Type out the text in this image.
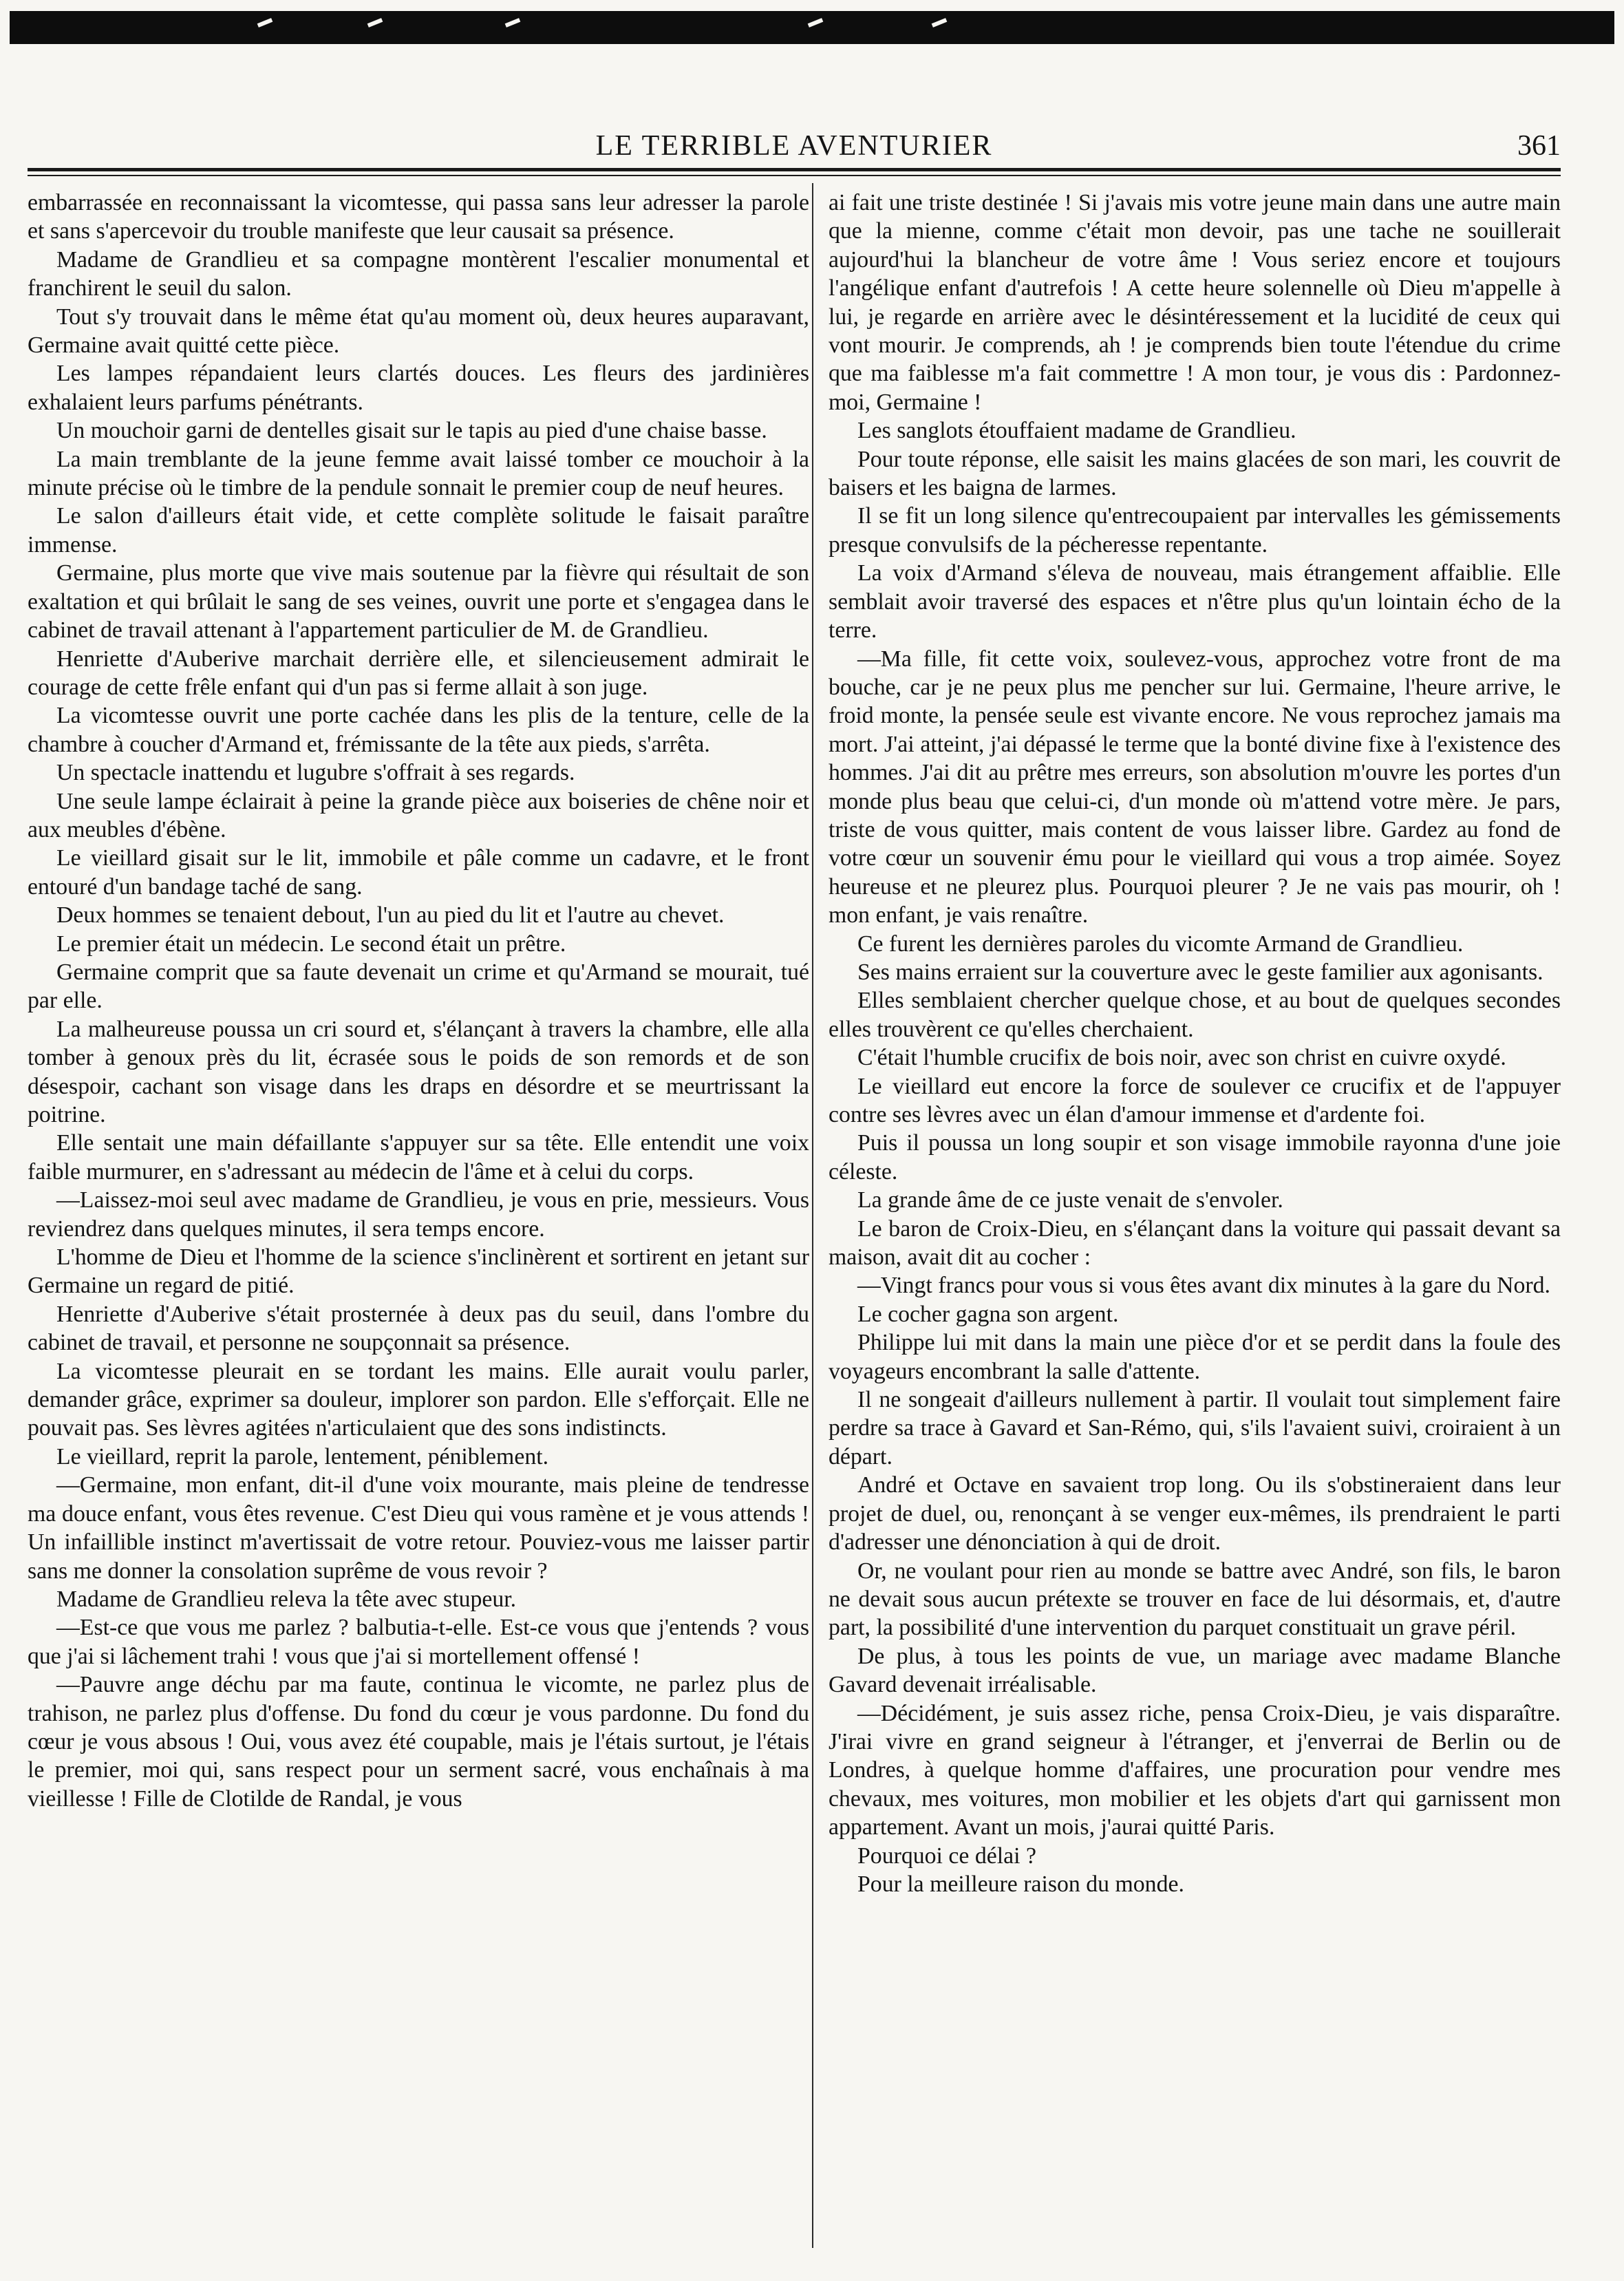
LE TERRIBLE AVENTURIER	361

embarrassée en reconnaissant la vicomtesse, qui passa sans leur adresser la parole et sans s'apercevoir du trouble manifeste que leur causait sa présence.

Madame de Grandlieu et sa compagne montèrent l'escalier monumental et franchirent le seuil du salon.

Tout s'y trouvait dans le même état qu'au moment où, deux heures auparavant, Germaine avait quitté cette pièce.

Les lampes répandaient leurs clartés douces. Les fleurs des jardinières exhalaient leurs parfums pénétrants.

Un mouchoir garni de dentelles gisait sur le tapis au pied d'une chaise basse.

La main tremblante de la jeune femme avait laissé tomber ce mouchoir à la minute précise où le timbre de la pendule sonnait le premier coup de neuf heures.

Le salon d'ailleurs était vide, et cette complète solitude le faisait paraître immense.

Germaine, plus morte que vive mais soutenue par la fièvre qui résultait de son exaltation et qui brûlait le sang de ses veines, ouvrit une porte et s'engagea dans le cabinet de travail attenant à l'appartement particulier de M. de Grandlieu.

Henriette d'Auberive marchait derrière elle, et silencieusement admirait le courage de cette frêle enfant qui d'un pas si ferme allait à son juge.

La vicomtesse ouvrit une porte cachée dans les plis de la tenture, celle de la chambre à coucher d'Armand et, frémissante de la tête aux pieds, s'arrêta.

Un spectacle inattendu et lugubre s'offrait à ses regards.

Une seule lampe éclairait à peine la grande pièce aux boiseries de chêne noir et aux meubles d'ébène.

Le vieillard gisait sur le lit, immobile et pâle comme un cadavre, et le front entouré d'un bandage taché de sang.

Deux hommes se tenaient debout, l'un au pied du lit et l'autre au chevet.

Le premier était un médecin. Le second était un prêtre.

Germaine comprit que sa faute devenait un crime et qu'Armand se mourait, tué par elle.

La malheureuse poussa un cri sourd et, s'élançant à travers la chambre, elle alla tomber à genoux près du lit, écrasée sous le poids de son remords et de son désespoir, cachant son visage dans les draps en désordre et se meurtrissant la poitrine.

Elle sentait une main défaillante s'appuyer sur sa tête. Elle entendit une voix faible murmurer, en s'adressant au médecin de l'âme et à celui du corps.

—Laissez-moi seul avec madame de Grandlieu, je vous en prie, messieurs. Vous reviendrez dans quelques minutes, il sera temps encore.

L'homme de Dieu et l'homme de la science s'inclinèrent et sortirent en jetant sur Germaine un regard de pitié.

Henriette d'Auberive s'était prosternée à deux pas du seuil, dans l'ombre du cabinet de travail, et personne ne soupçonnait sa présence.

La vicomtesse pleurait en se tordant les mains. Elle aurait voulu parler, demander grâce, exprimer sa douleur, implorer son pardon. Elle s'efforçait. Elle ne pouvait pas. Ses lèvres agitées n'articulaient que des sons indistincts.

Le vieillard, reprit la parole, lentement, péniblement.

—Germaine, mon enfant, dit-il d'une voix mourante, mais pleine de tendresse ma douce enfant, vous êtes revenue. C'est Dieu qui vous ramène et je vous attends ! Un infaillible instinct m'avertissait de votre retour. Pouviez-vous me laisser partir sans me donner la consolation suprême de vous revoir ?

Madame de Grandlieu releva la tête avec stupeur.

—Est-ce que vous me parlez ? balbutia-t-elle. Est-ce vous que j'entends ? vous que j'ai si lâchement trahi ! vous que j'ai si mortellement offensé !

—Pauvre ange déchu par ma faute, continua le vicomte, ne parlez plus de trahison, ne parlez plus d'offense. Du fond du cœur je vous pardonne. Du fond du cœur je vous absous ! Oui, vous avez été coupable, mais je l'étais surtout, je l'étais le premier, moi qui, sans respect pour un serment sacré, vous enchaînais à ma vieillesse ! Fille de Clotilde de Randal, je vous

ai fait une triste destinée ! Si j'avais mis votre jeune main dans une autre main que la mienne, comme c'était mon devoir, pas une tache ne souillerait aujourd'hui la blancheur de votre âme ! Vous seriez encore et toujours l'angélique enfant d'autrefois ! A cette heure solennelle où Dieu m'appelle à lui, je regarde en arrière avec le désintéressement et la lucidité de ceux qui vont mourir. Je comprends, ah ! je comprends bien toute l'étendue du crime que ma faiblesse m'a fait commettre ! A mon tour, je vous dis : Pardonnez-moi, Germaine !

Les sanglots étouffaient madame de Grandlieu.

Pour toute réponse, elle saisit les mains glacées de son mari, les couvrit de baisers et les baigna de larmes.

Il se fit un long silence qu'entrecoupaient par intervalles les gémissements presque convulsifs de la pécheresse repentante.

La voix d'Armand s'éleva de nouveau, mais étrangement affaiblie. Elle semblait avoir traversé des espaces et n'être plus qu'un lointain écho de la terre.

—Ma fille, fit cette voix, soulevez-vous, approchez votre front de ma bouche, car je ne peux plus me pencher sur lui. Germaine, l'heure arrive, le froid monte, la pensée seule est vivante encore. Ne vous reprochez jamais ma mort. J'ai atteint, j'ai dépassé le terme que la bonté divine fixe à l'existence des hommes. J'ai dit au prêtre mes erreurs, son absolution m'ouvre les portes d'un monde plus beau que celui-ci, d'un monde où m'attend votre mère. Je pars, triste de vous quitter, mais content de vous laisser libre. Gardez au fond de votre cœur un souvenir ému pour le vieillard qui vous a trop aimée. Soyez heureuse et ne pleurez plus. Pourquoi pleurer ? Je ne vais pas mourir, oh ! mon enfant, je vais renaître.

Ce furent les dernières paroles du vicomte Armand de Grandlieu.

Ses mains erraient sur la couverture avec le geste familier aux agonisants.

Elles semblaient chercher quelque chose, et au bout de quelques secondes elles trouvèrent ce qu'elles cherchaient.

C'était l'humble crucifix de bois noir, avec son christ en cuivre oxydé.

Le vieillard eut encore la force de soulever ce crucifix et de l'appuyer contre ses lèvres avec un élan d'amour immense et d'ardente foi.

Puis il poussa un long soupir et son visage immobile rayonna d'une joie céleste.

La grande âme de ce juste venait de s'envoler.

Le baron de Croix-Dieu, en s'élançant dans la voiture qui passait devant sa maison, avait dit au cocher :

—Vingt francs pour vous si vous êtes avant dix minutes à la gare du Nord.

Le cocher gagna son argent.

Philippe lui mit dans la main une pièce d'or et se perdit dans la foule des voyageurs encombrant la salle d'attente.

Il ne songeait d'ailleurs nullement à partir. Il voulait tout simplement faire perdre sa trace à Gavard et San-Rémo, qui, s'ils l'avaient suivi, croiraient à un départ.

André et Octave en savaient trop long. Ou ils s'obstineraient dans leur projet de duel, ou, renonçant à se venger eux-mêmes, ils prendraient le parti d'adresser une dénonciation à qui de droit.

Or, ne voulant pour rien au monde se battre avec André, son fils, le baron ne devait sous aucun prétexte se trouver en face de lui désormais, et, d'autre part, la possibilité d'une intervention du parquet constituait un grave péril.

De plus, à tous les points de vue, un mariage avec madame Blanche Gavard devenait irréalisable.

—Décidément, je suis assez riche, pensa Croix-Dieu, je vais disparaître. J'irai vivre en grand seigneur à l'étranger, et j'enverrai de Berlin ou de Londres, à quelque homme d'affaires, une procuration pour vendre mes chevaux, mes voitures, mon mobilier et les objets d'art qui garnissent mon appartement. Avant un mois, j'aurai quitté Paris.

Pourquoi ce délai ?

Pour la meilleure raison du monde.
